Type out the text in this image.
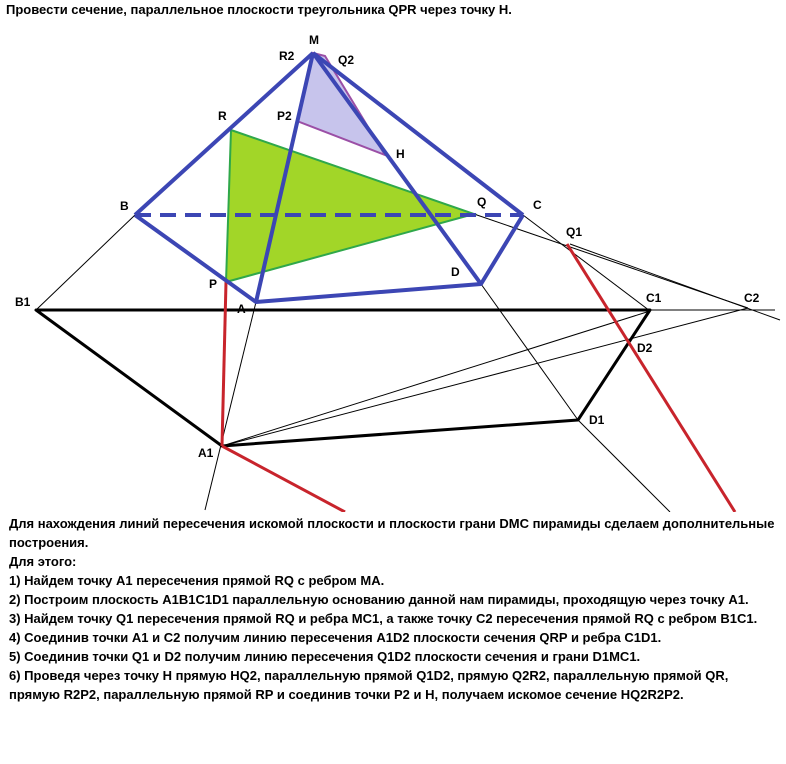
Провести сечение, параллельное плоскости треугольника QPR через точку H.
M
R2	Q2
P2
H
R
B	Q	C
Q1
D
P
A
B1	C1	C2
D2
D1
A1

Для нахождения линий пересечения искомой плоскости и плоскости грани DMC пирамиды сделаем дополнительные построения.

Для этого:

1) Найдем точку A1 пересечения прямой RQ с ребром MA.

2) Построим плоскость A1B1C1D1 параллельную основанию данной нам пирамиды, проходящую через точку A1.

3) Найдем точку Q1 пересечения прямой RQ и ребра MC1, а также точку C2 пересечения прямой RQ с ребром B1C1.

4) Соединив точки A1 и C2 получим линию пересечения A1D2 плоскости сечения QRP и ребра C1D1.

5) Соединив точки Q1 и D2 получим линию пересечения Q1D2 плоскости сечения и грани D1MC1.

6) Проведя через точку H прямую HQ2, параллельную прямой Q1D2, прямую Q2R2, параллельную прямой QR, прямую R2P2, параллельную прямой RP и соединив точки P2 и H, получаем искомое сечение HQ2R2P2.
